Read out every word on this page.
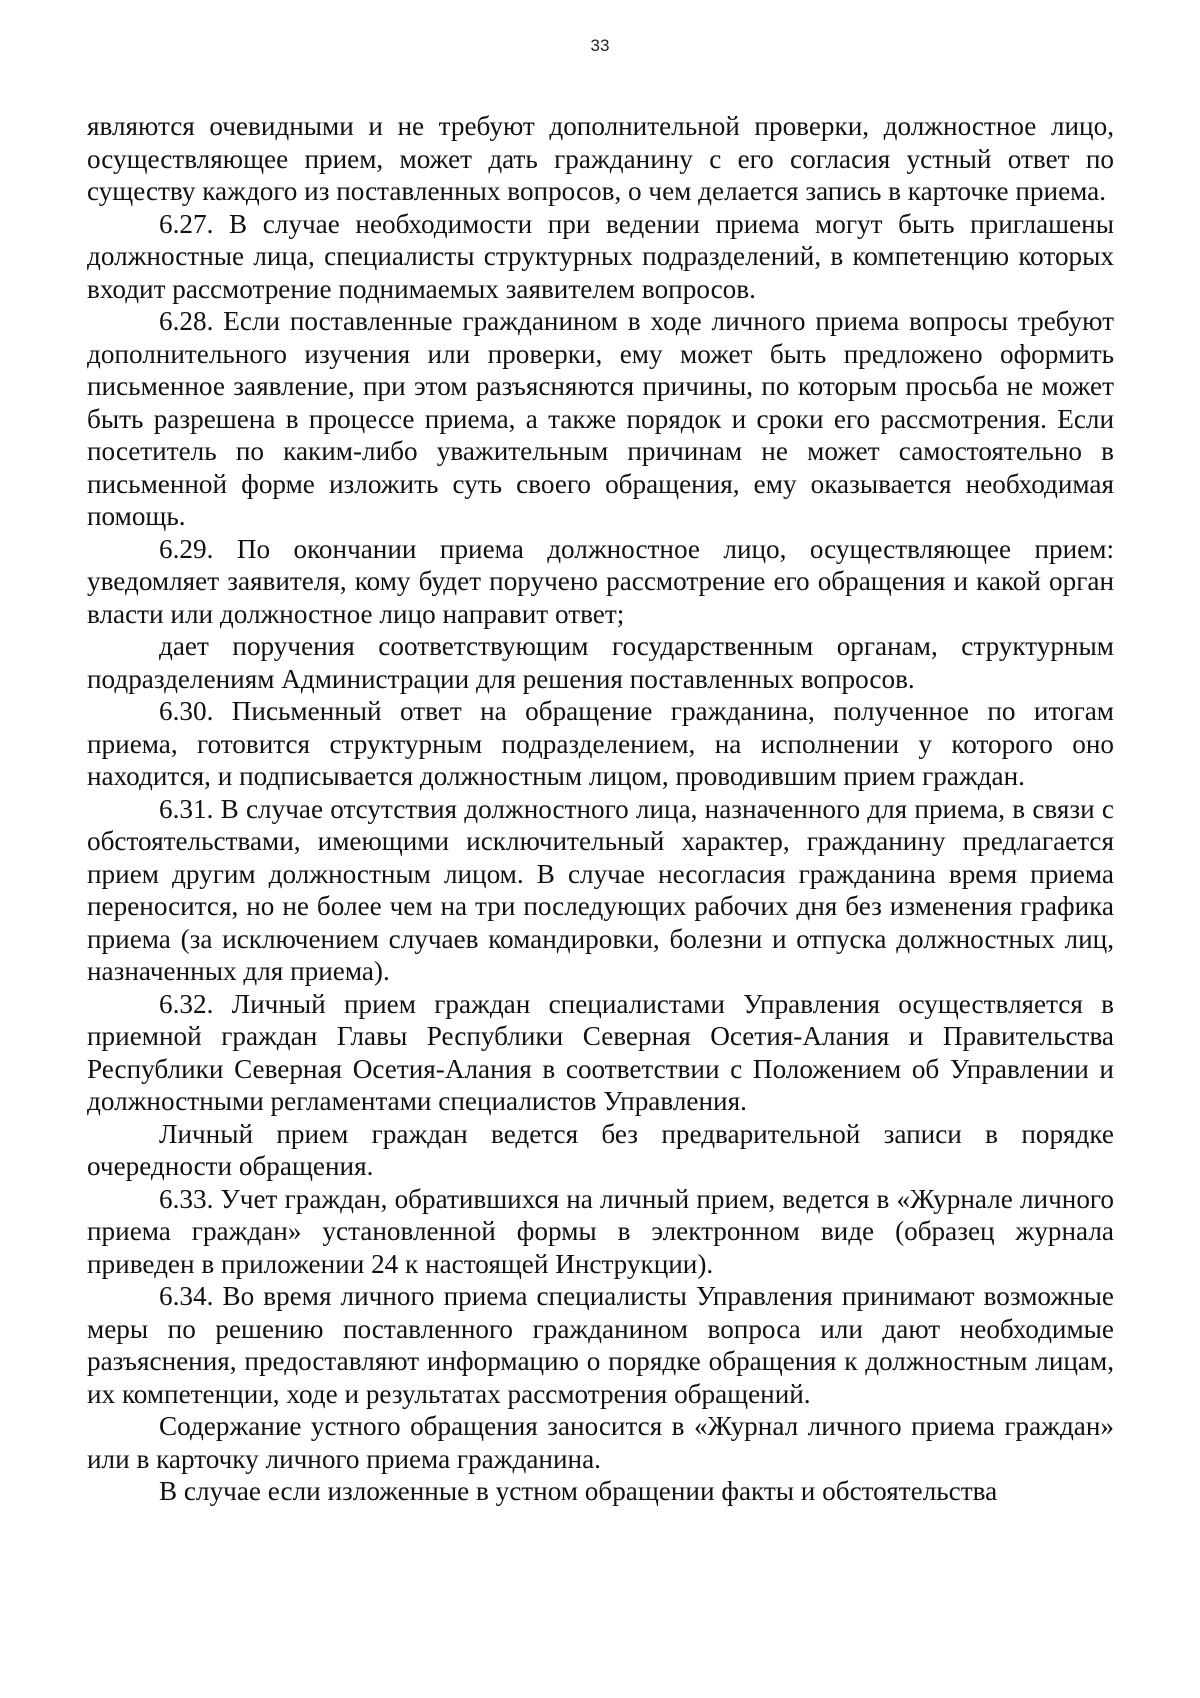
33

являются очевидными и не требуют дополнительной проверки, должностное лицо, осуществляющее прием, может дать гражданину с его согласия устный ответ по существу каждого из поставленных вопросов, о чем делается запись в карточке приема.

6.27. В случае необходимости при ведении приема могут быть приглашены должностные лица, специалисты структурных подразделений, в компетенцию которых входит рассмотрение поднимаемых заявителем вопросов.

6.28. Если поставленные гражданином в ходе личного приема вопросы требуют дополнительного изучения или проверки, ему может быть предложено оформить письменное заявление, при этом разъясняются причины, по которым просьба не может быть разрешена в процессе приема, а также порядок и сроки его рассмотрения. Если посетитель по каким-либо уважительным причинам не может самостоятельно в письменной форме изложить суть своего обращения, ему оказывается необходимая помощь.

6.29. По окончании приема должностное лицо, осуществляющее прием: уведомляет заявителя, кому будет поручено рассмотрение его обращения и какой орган власти или должностное лицо направит ответ;

дает поручения соответствующим государственным органам, структурным подразделениям Администрации для решения поставленных вопросов.

6.30. Письменный ответ на обращение гражданина, полученное по итогам приема, готовится структурным подразделением, на исполнении у которого оно находится, и подписывается должностным лицом, проводившим прием граждан.

6.31. В случае отсутствия должностного лица, назначенного для приема, в связи с обстоятельствами, имеющими исключительный характер, гражданину предлагается прием другим должностным лицом. В случае несогласия гражданина время приема переносится, но не более чем на три последующих рабочих дня без изменения графика приема (за исключением случаев командировки, болезни и отпуска должностных лиц, назначенных для приема).

6.32. Личный прием граждан специалистами Управления осуществляется в приемной граждан Главы Республики Северная Осетия-Алания и Правительства Республики Северная Осетия-Алания в соответствии с Положением об Управлении и должностными регламентами специалистов Управления.

Личный прием граждан ведется без предварительной записи в порядке очередности обращения.

6.33. Учет граждан, обратившихся на личный прием, ведется в «Журнале личного приема граждан» установленной формы в электронном виде (образец журнала приведен в приложении 24 к настоящей Инструкции).

6.34. Во время личного приема специалисты Управления принимают возможные меры по решению поставленного гражданином вопроса или дают необходимые разъяснения, предоставляют информацию о порядке обращения к должностным лицам, их компетенции, ходе и результатах рассмотрения обращений.

Содержание устного обращения заносится в «Журнал личного приема граждан» или в карточку личного приема гражданина.

В случае если изложенные в устном обращении факты и обстоятельства
